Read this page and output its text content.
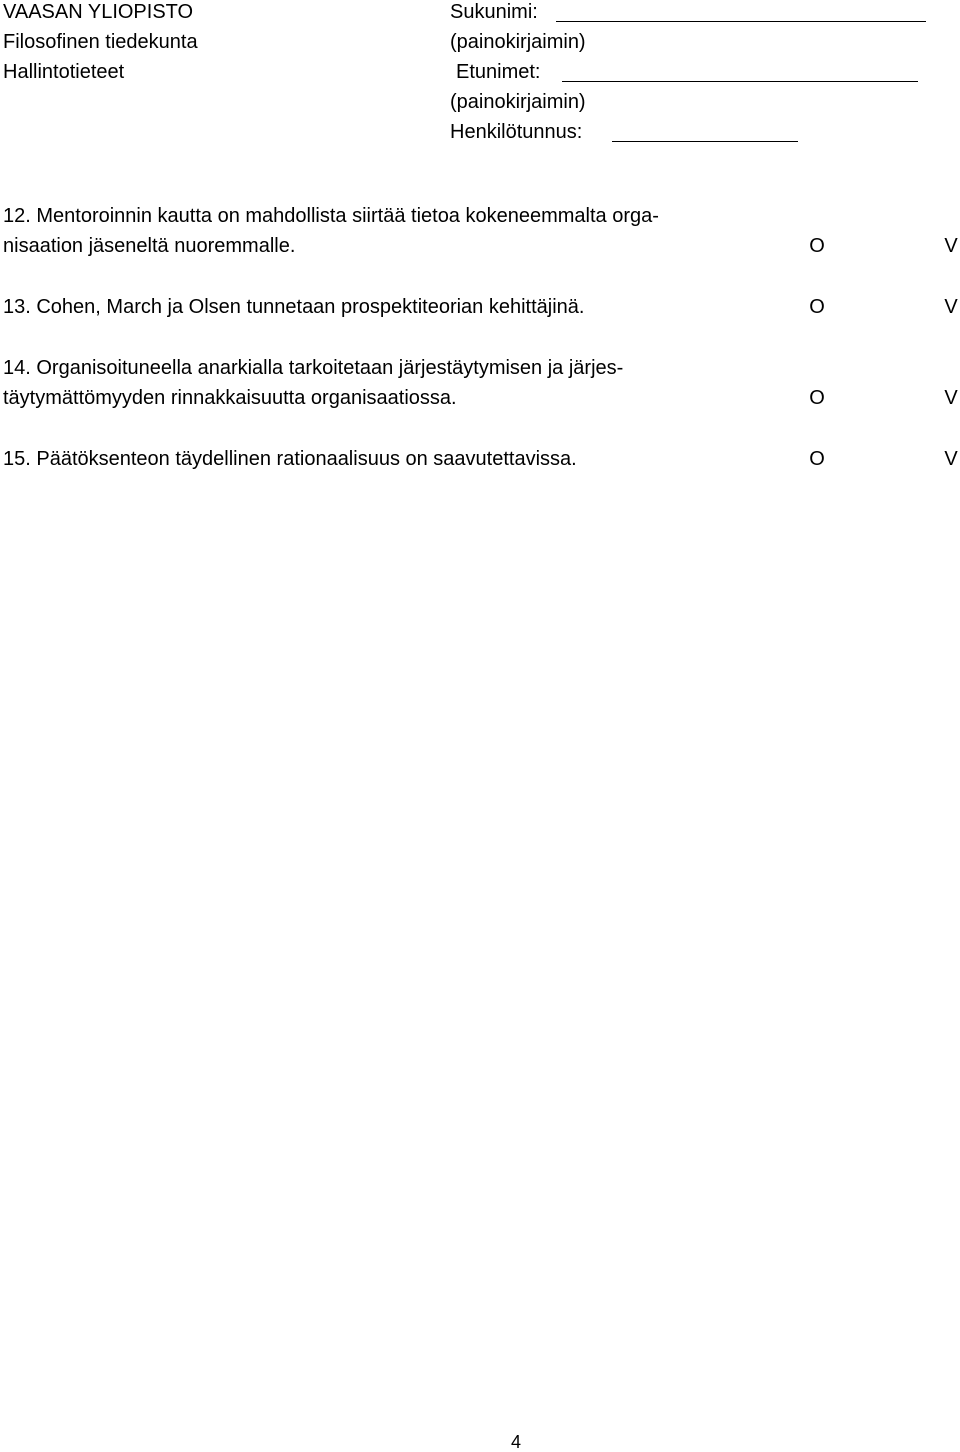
VAASAN YLIOPISTO
Filosofinen tiedekunta
Hallintotieteet
Sukunimi:
(painokirjaimin)
Etunimet:
(painokirjaimin)
Henkilötunnus:
12. Mentoroinnin kautta on mahdollista siirtää tietoa kokeneemmalta orga-
nisaation jäseneltä nuoremmalle.	O	V
13. Cohen, March ja Olsen tunnetaan prospektiteorian kehittäjinä.	O	V
14. Organisoituneella anarkialla tarkoitetaan järjestäytymisen ja järjes-
täytymättömyyden rinnakkaisuutta organisaatiossa.	O	V
15. Päätöksenteon täydellinen rationaalisuus on saavutettavissa.	O	V
4
